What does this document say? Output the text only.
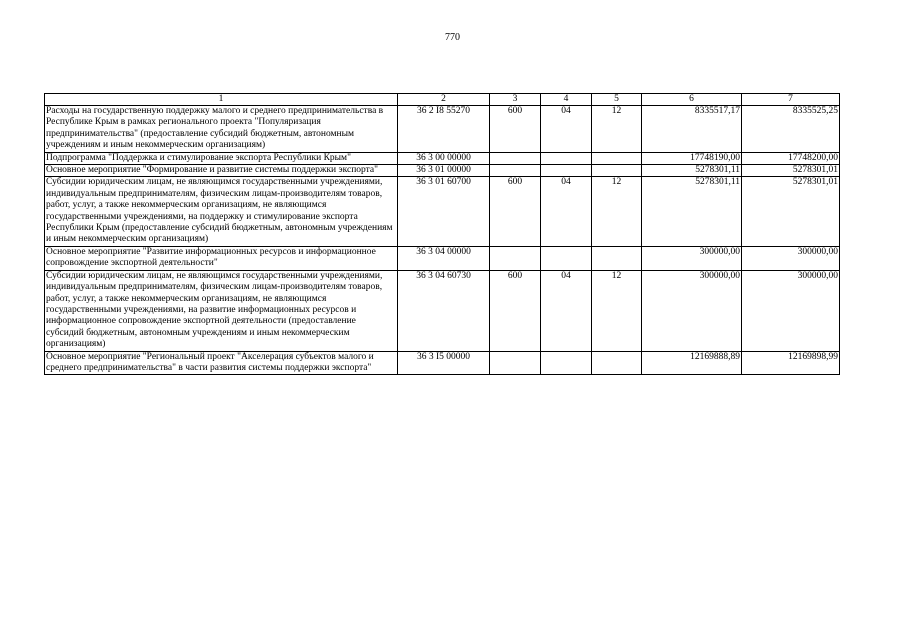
770
1	2	3	4	5	6	7
Расходы на государственную поддержку малого и среднего предпринимательства в Республике Крым в рамках регионального проекта "Популяризация предпринимательства" (предоставление субсидий бюджетным, автономным учреждениям и иным некоммерческим организациям)	36 2 I8 55270	600	04	12	8335517,17	8335525,25
Подпрограмма "Поддержка и стимулирование экспорта Республики Крым"	36 3 00 00000				17748190,00	17748200,00
Основное мероприятие "Формирование и развитие системы поддержки экспорта"	36 3 01 00000				5278301,11	5278301,01
Субсидии юридическим лицам, не являющимся государственными учреждениями, индивидуальным предпринимателям, физическим лицам-производителям товаров, работ, услуг, а также некоммерческим организациям, не являющимся государственными учреждениями, на поддержку и стимулирование экспорта Республики Крым (предоставление субсидий бюджетным, автономным учреждениям и иным некоммерческим организациям)	36 3 01 60700	600	04	12	5278301,11	5278301,01
Основное мероприятие "Развитие информационных ресурсов и информационное сопровождение экспортной деятельности"	36 3 04 00000				300000,00	300000,00
Субсидии юридическим лицам, не являющимся государственными учреждениями, индивидуальным предпринимателям, физическим лицам-производителям товаров, работ, услуг, а также некоммерческим организациям, не являющимся государственными учреждениями, на развитие информационных ресурсов и информационное сопровождение экспортной деятельности (предоставление субсидий бюджетным, автономным учреждениям и иным некоммерческим организациям)	36 3 04 60730	600	04	12	300000,00	300000,00
Основное мероприятие "Региональный проект "Акселерация субъектов малого и среднего предпринимательства" в части развития системы поддержки экспорта"	36 3 I5 00000				12169888,89	12169898,99
